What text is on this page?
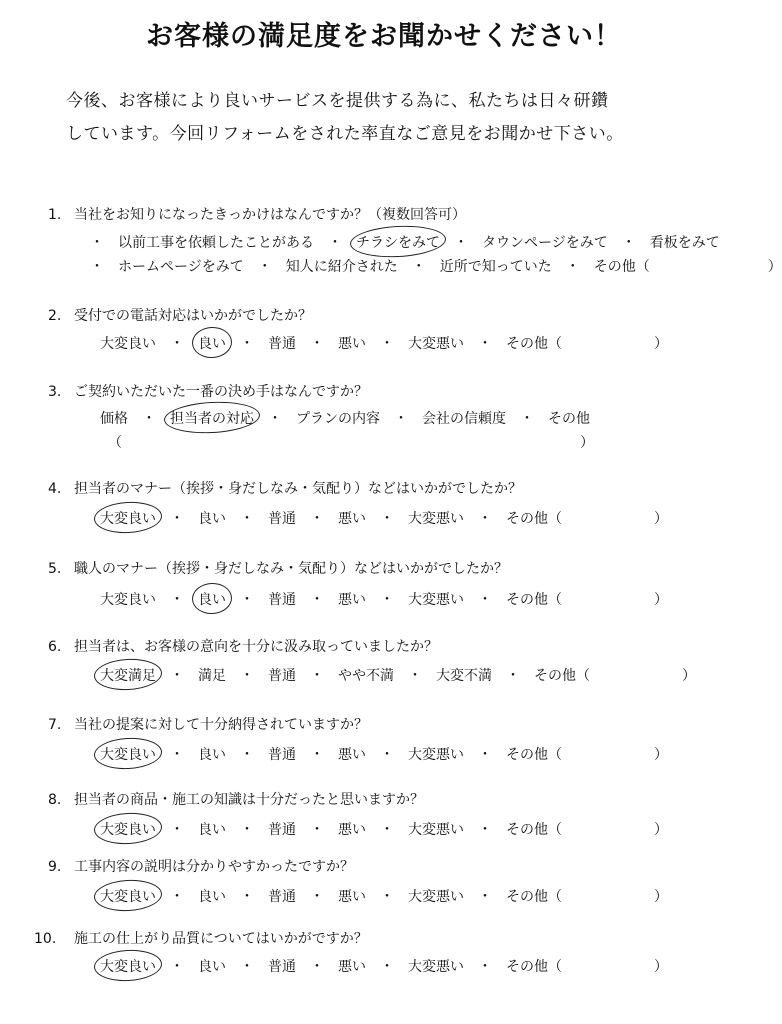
お客様の満足度をお聞かせください！
今後、お客様により良いサービスを提供する為に、私たちは日々研鑽
しています。今回リフォームをされた率直なご意見をお聞かせ下さい。
1. 当社をお知りになったきっかけはなんですか？（複数回答可）
・ 以前工事を依頼したことがある ・ チラシをみて ・ タウンページをみて ・ 看板をみて
・ ホームページをみて ・ 知人に紹介された ・ 近所で知っていた ・ その他（	）
2. 受付での電話対応はいかがでしたか？
大変良い ・ 良い ・ 普通 ・ 悪い ・ 大変悪い ・ その他（	）
3. ご契約いただいた一番の決め手はなんですか？
（	）
価格 ・ 担当者の対応 ・ プランの内容 ・ 会社の信頼度 ・ その他
4. 担当者のマナー（挨拶・身だしなみ・気配り）などはいかがでしたか？
大変良い ・ 良い ・ 普通 ・ 悪い ・ 大変悪い ・ その他（	）
5. 職人のマナー（挨拶・身だしなみ・気配り）などはいかがでしたか？
大変良い ・ 良い ・ 普通 ・ 悪い ・ 大変悪い ・ その他（	）
6. 担当者は、お客様の意向を十分に汲み取っていましたか？
大変満足 ・ 満足 ・ 普通 ・ やや不満 ・ 大変不満 ・ その他（	）
7. 当社の提案に対して十分納得されていますか？
大変良い ・ 良い ・ 普通 ・ 悪い ・ 大変悪い ・ その他（	）
8. 担当者の商品・施工の知識は十分だったと思いますか？
大変良い ・ 良い ・ 普通 ・ 悪い ・ 大変悪い ・ その他（	）
9. 工事内容の説明は分かりやすかったですか？
大変良い ・ 良い ・ 普通 ・ 悪い ・ 大変悪い ・ その他（	）
10. 施工の仕上がり品質についてはいかがですか？
大変良い ・ 良い ・ 普通 ・ 悪い ・ 大変悪い ・ その他（	）
